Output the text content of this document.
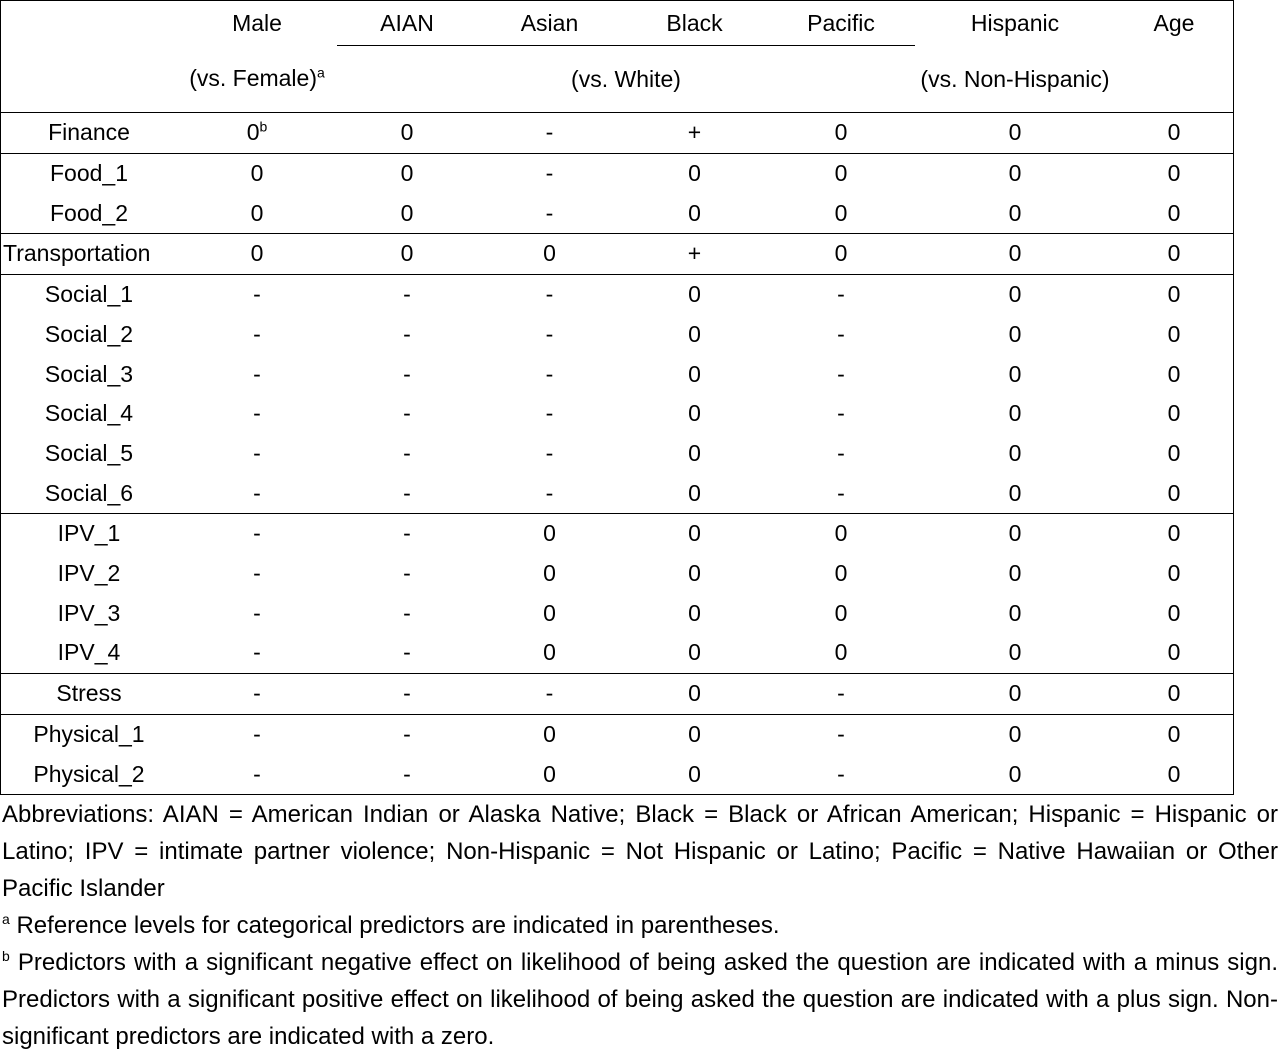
	Male	AIAN	Asian	Black	Pacific	Hispanic	Age
	(vs. Female)$^a$	(vs. White)				(vs. Non-Hispanic)	
Finance	0$^b$	0	-	+	0	0	0
Food_1	0	0	-	0	0	0	0
Food_2	0	0	-	0	0	0	0
Transportation	0	0	0	+	0	0	0
Social_1	-	-	-	0	-	0	0
Social_2	-	-	-	0	-	0	0
Social_3	-	-	-	0	-	0	0
Social_4	-	-	-	0	-	0	0
Social_5	-	-	-	0	-	0	0
Social_6	-	-	-	0	-	0	0
IPV_1	-	-	0	0	0	0	0
IPV_2	-	-	0	0	0	0	0
IPV_3	-	-	0	0	0	0	0
IPV_4	-	-	0	0	0	0	0
Stress	-	-	-	0	-	0	0
Physical_1	-	-	0	0	-	0	0
Physical_2	-	-	0	0	-	0	0

Abbreviations: AIAN = American Indian or Alaska Native; Black = Black or African American; Hispanic = Hispanic or Latino; IPV = intimate partner violence; Non-Hispanic = Not Hispanic or Latino; Pacific = Native Hawaiian or Other Pacific Islander

$^a$ Reference levels for categorical predictors are indicated in parentheses.

$^b$ Predictors with a significant negative effect on likelihood of being asked the question are indicated with a minus sign. Predictors with a significant positive effect on likelihood of being asked the question are indicated with a plus sign. Non-significant predictors are indicated with a zero.
